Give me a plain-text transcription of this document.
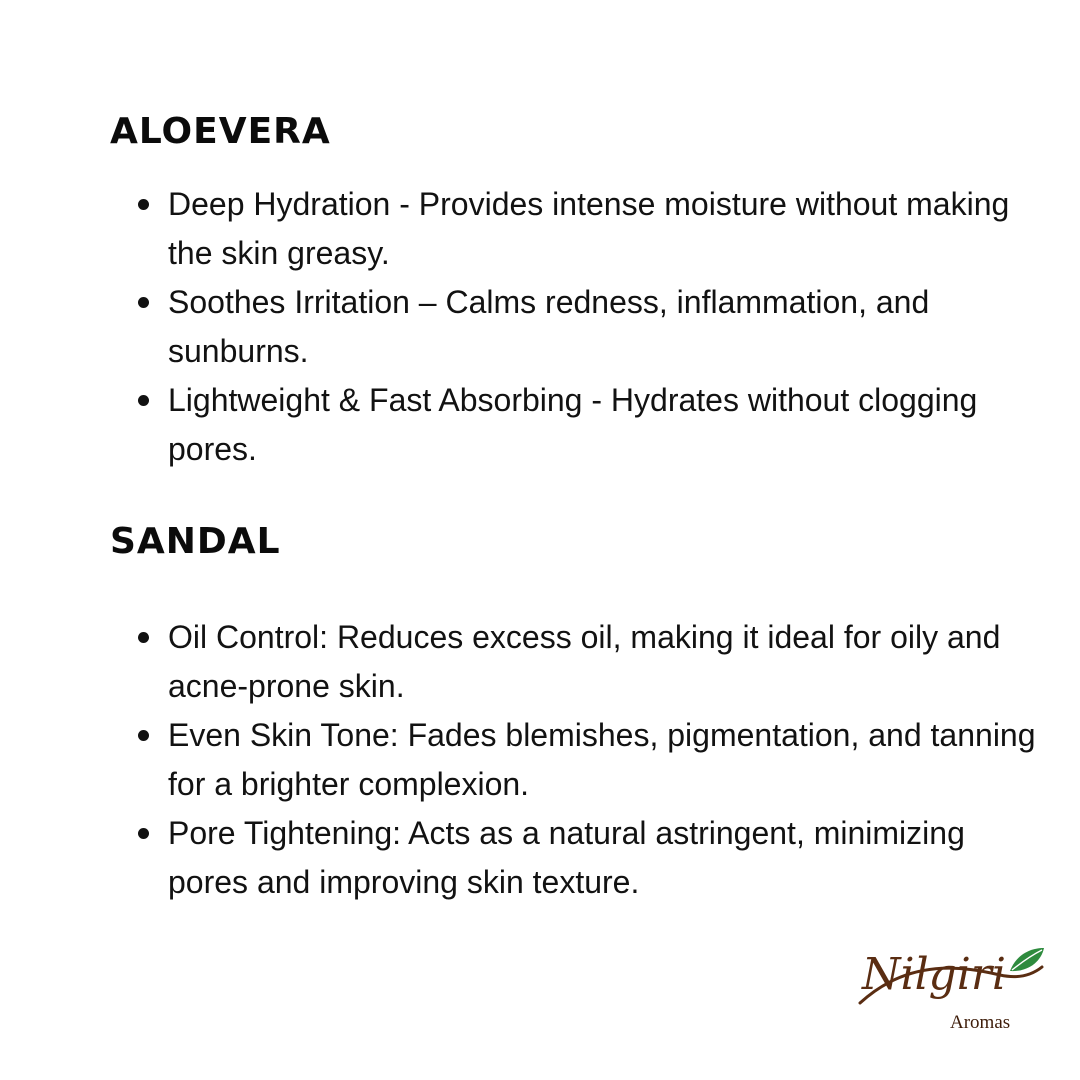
ALOEVERA
Deep Hydration - Provides intense moisture without making the skin greasy.
Soothes Irritation – Calms redness, inflammation, and sunburns.
Lightweight & Fast Absorbing - Hydrates without clogging pores.
SANDAL
Oil Control: Reduces excess oil, making it ideal for oily and acne-prone skin.
Even Skin Tone: Fades blemishes, pigmentation, and tanning for a brighter complexion.
Pore Tightening: Acts as a natural astringent, minimizing pores and improving skin texture.
Nilgiri
Aromas
